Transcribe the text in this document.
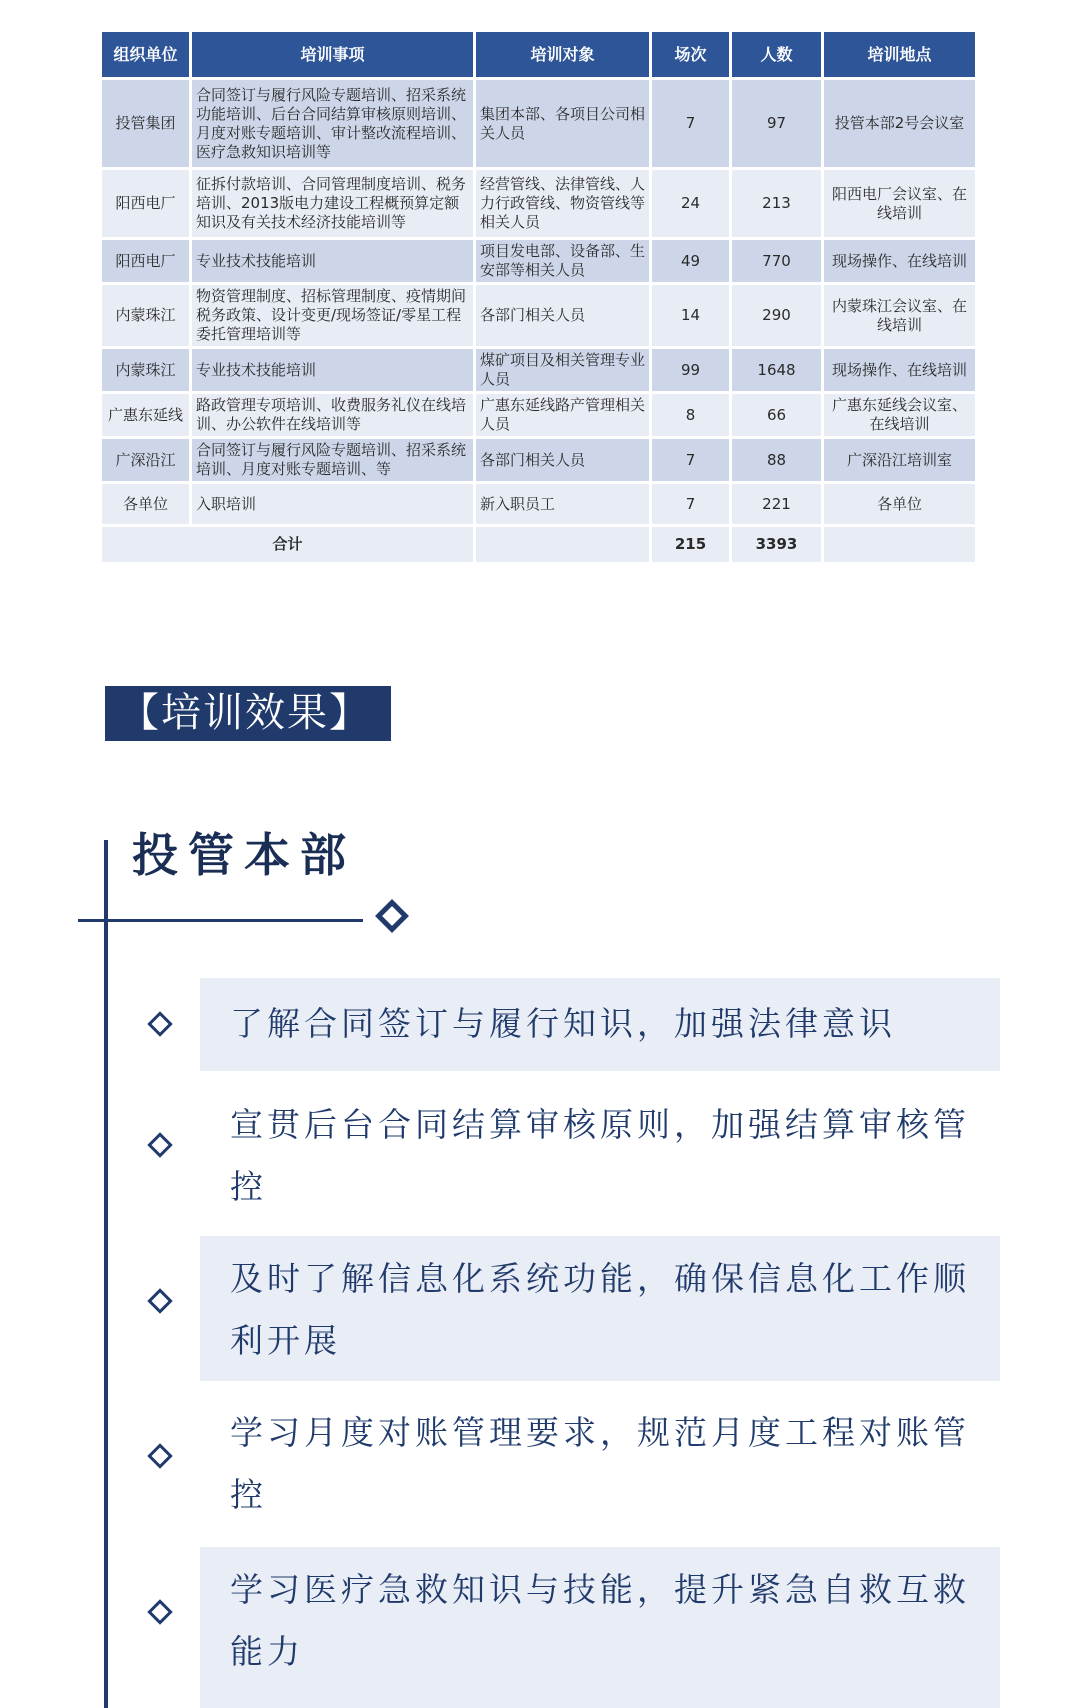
组织单位	培训事项	培训对象	场次	人数	培训地点
投管集团	合同签订与履行风险专题培训、招采系统功能培训、后台合同结算审核原则培训、月度对账专题培训、审计整改流程培训、医疗急救知识培训等	集团本部、各项目公司相关人员	7	97	投管本部2号会议室
阳西电厂	征拆付款培训、合同管理制度培训、税务培训、2013版电力建设工程概预算定额知识及有关技术经济技能培训等	经营管线、法律管线、人力行政管线、物资管线等相关人员	24	213	阳西电厂会议室、在线培训
阳西电厂	专业技术技能培训	项目发电部、设备部、生安部等相关人员	49	770	现场操作、在线培训
内蒙珠江	物资管理制度、招标管理制度、疫情期间税务政策、设计变更/现场签证/零星工程委托管理培训等	各部门相关人员	14	290	内蒙珠江会议室、在线培训
内蒙珠江	专业技术技能培训	煤矿项目及相关管理专业人员	99	1648	现场操作、在线培训
广惠东延线	路政管理专项培训、收费服务礼仪在线培训、办公软件在线培训等	广惠东延线路产管理相关人员	8	66	广惠东延线会议室、在线培训
广深沿江	合同签订与履行风险专题培训、招采系统培训、月度对账专题培训、等	各部门相关人员	7	88	广深沿江培训室
各单位	入职培训	新入职员工	7	221	各单位
合计			215	3393	
【培训效果】
投管本部
了解合同签订与履行知识，加强法律意识
宣贯后台合同结算审核原则，加强结算审核管控
及时了解信息化系统功能，确保信息化工作顺利开展
学习月度对账管理要求，规范月度工程对账管控
学习医疗急救知识与技能，提升紧急自救互救能力
